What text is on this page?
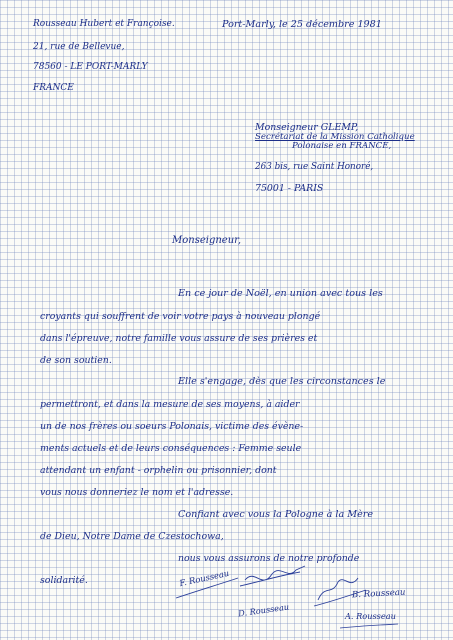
Rousseau Hubert et Françoise.
21, rue de Bellevue,
78560 - LE PORT-MARLY
FRANCE
Port-Marly, le 25 décembre 1981
Monseigneur GLEMP,
Secrétariat de la Mission Catholique
Polonaise en FRANCE,
263 bis, rue Saint Honoré,
75001 - PARIS
Monseigneur,
En ce jour de Noël, en union avec tous les
croyants qui souffrent de voir votre pays à nouveau plongé
dans l'épreuve, notre famille vous assure de ses prières et
de son soutien.
Elle s'engage, dès que les circonstances le
permettront, et dans la mesure de ses moyens, à aider
un de nos frères ou soeurs Polonais, victime des évène-
ments actuels et de leurs conséquences : Femme seule
attendant un enfant - orphelin ou prisonnier, dont
vous nous donneriez le nom et l'adresse.
Confiant avec vous la Pologne à la Mère
de Dieu, Notre Dame de Czestochowa,
nous vous assurons de notre profonde
solidarité.	F. Rousseau
B. Rousseau
D. Rousseau	A. Rousseau
